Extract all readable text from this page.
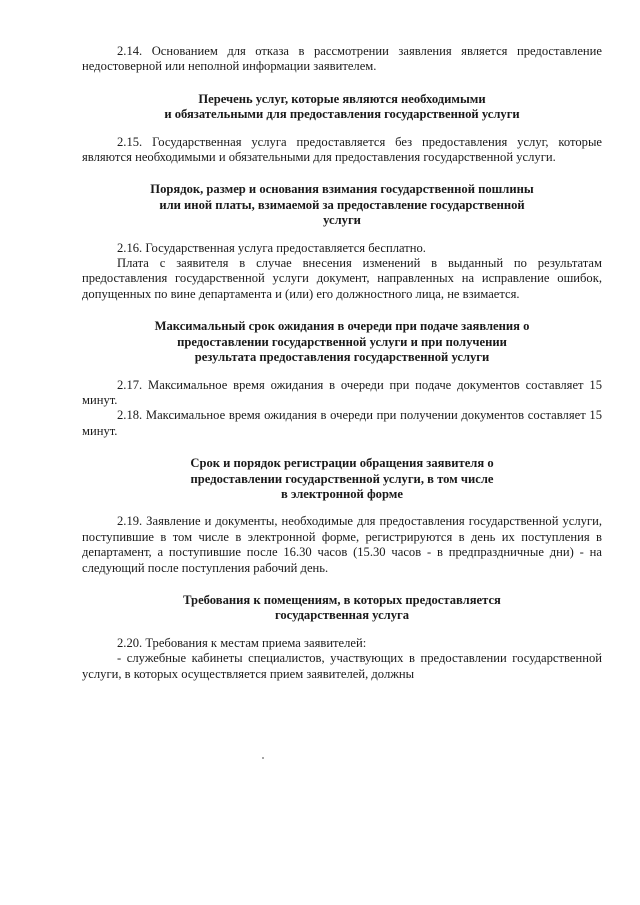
2.14. Основанием для отказа в рассмотрении заявления является предоставление недостоверной или неполной информации заявителем.

Перечень услуг, которые являются необходимыми

и обязательными для предоставления государственной услуги

2.15. Государственная услуга предоставляется без предоставления услуг, которые являются необходимыми и обязательными для предоставления государственной услуги.

Порядок, размер и основания взимания государственной пошлины

или иной платы, взимаемой за предоставление государственной

услуги

2.16. Государственная услуга предоставляется бесплатно.

Плата с заявителя в случае внесения изменений в выданный по результатам предоставления государственной услуги документ, направленных на исправление ошибок, допущенных по вине департамента и (или) его должностного лица, не взимается.

Максимальный срок ожидания в очереди при подаче заявления о

предоставлении государственной услуги и при получении

результата предоставления государственной услуги

2.17. Максимальное время ожидания в очереди при подаче документов составляет 15 минут.

2.18. Максимальное время ожидания в очереди при получении документов составляет 15 минут.

Срок и порядок регистрации обращения заявителя о

предоставлении государственной услуги, в том числе

в электронной форме

2.19. Заявление и документы, необходимые для предоставления государственной услуги, поступившие в том числе в электронной форме, регистрируются в день их поступления в департамент, а поступившие после 16.30 часов (15.30 часов - в предпраздничные дни) - на следующий после поступления рабочий день.

Требования к помещениям, в которых предоставляется

государственная услуга

2.20. Требования к местам приема заявителей:

- служебные кабинеты специалистов, участвующих в предоставлении государственной услуги, в которых осуществляется прием заявителей, должны
